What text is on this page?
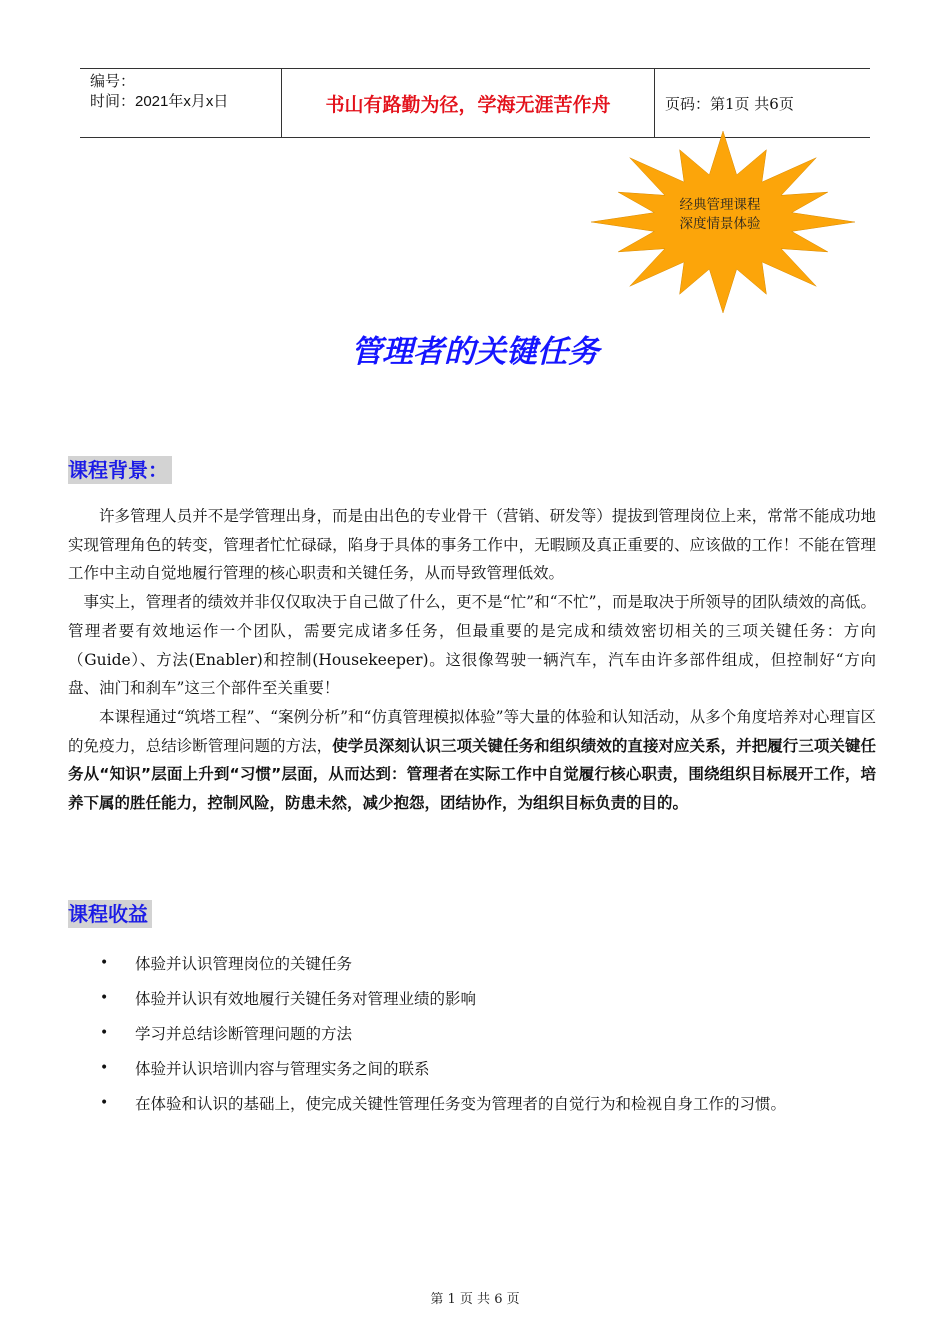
编号：
时间：2021年x月x日	书山有路勤为径，学海无涯苦作舟	页码：第1页 共6页
经典管理课程
深度情景体验
管理者的关键任务
课程背景：

许多管理人员并不是学管理出身，而是由出色的专业骨干（营销、研发等）提拔到管理岗位上来，常常不能成功地实现管理角色的转变，管理者忙忙碌碌，陷身于具体的事务工作中，无暇顾及真正重要的、应该做的工作！不能在管理工作中主动自觉地履行管理的核心职责和关键任务，从而导致管理低效。

事实上，管理者的绩效并非仅仅取决于自己做了什么，更不是“忙”和“不忙”，而是取决于所领导的团队绩效的高低。管理者要有效地运作一个团队，需要完成诸多任务，但最重要的是完成和绩效密切相关的三项关键任务：方向（Guide）、方法(Enabler)和控制(Housekeeper)。这很像驾驶一辆汽车，汽车由许多部件组成，但控制好“方向盘、油门和刹车”这三个部件至关重要！

本课程通过“筑塔工程”、“案例分析”和“仿真管理模拟体验”等大量的体验和认知活动，从多个角度培养对心理盲区的免疫力，总结诊断管理问题的方法，使学员深刻认识三项关键任务和组织绩效的直接对应关系，并把履行三项关键任务从“知识”层面上升到“习惯”层面，从而达到：管理者在实际工作中自觉履行核心职责，围绕组织目标展开工作，培养下属的胜任能力，控制风险，防患未然，减少抱怨，团结协作，为组织目标负责的目的。

课程收益
•	体验并认识管理岗位的关键任务
•	体验并认识有效地履行关键任务对管理业绩的影响
•	学习并总结诊断管理问题的方法
•	体验并认识培训内容与管理实务之间的联系
•	在体验和认识的基础上，使完成关键性管理任务变为管理者的自觉行为和检视自身工作的习惯。
第 1 页 共 6 页
